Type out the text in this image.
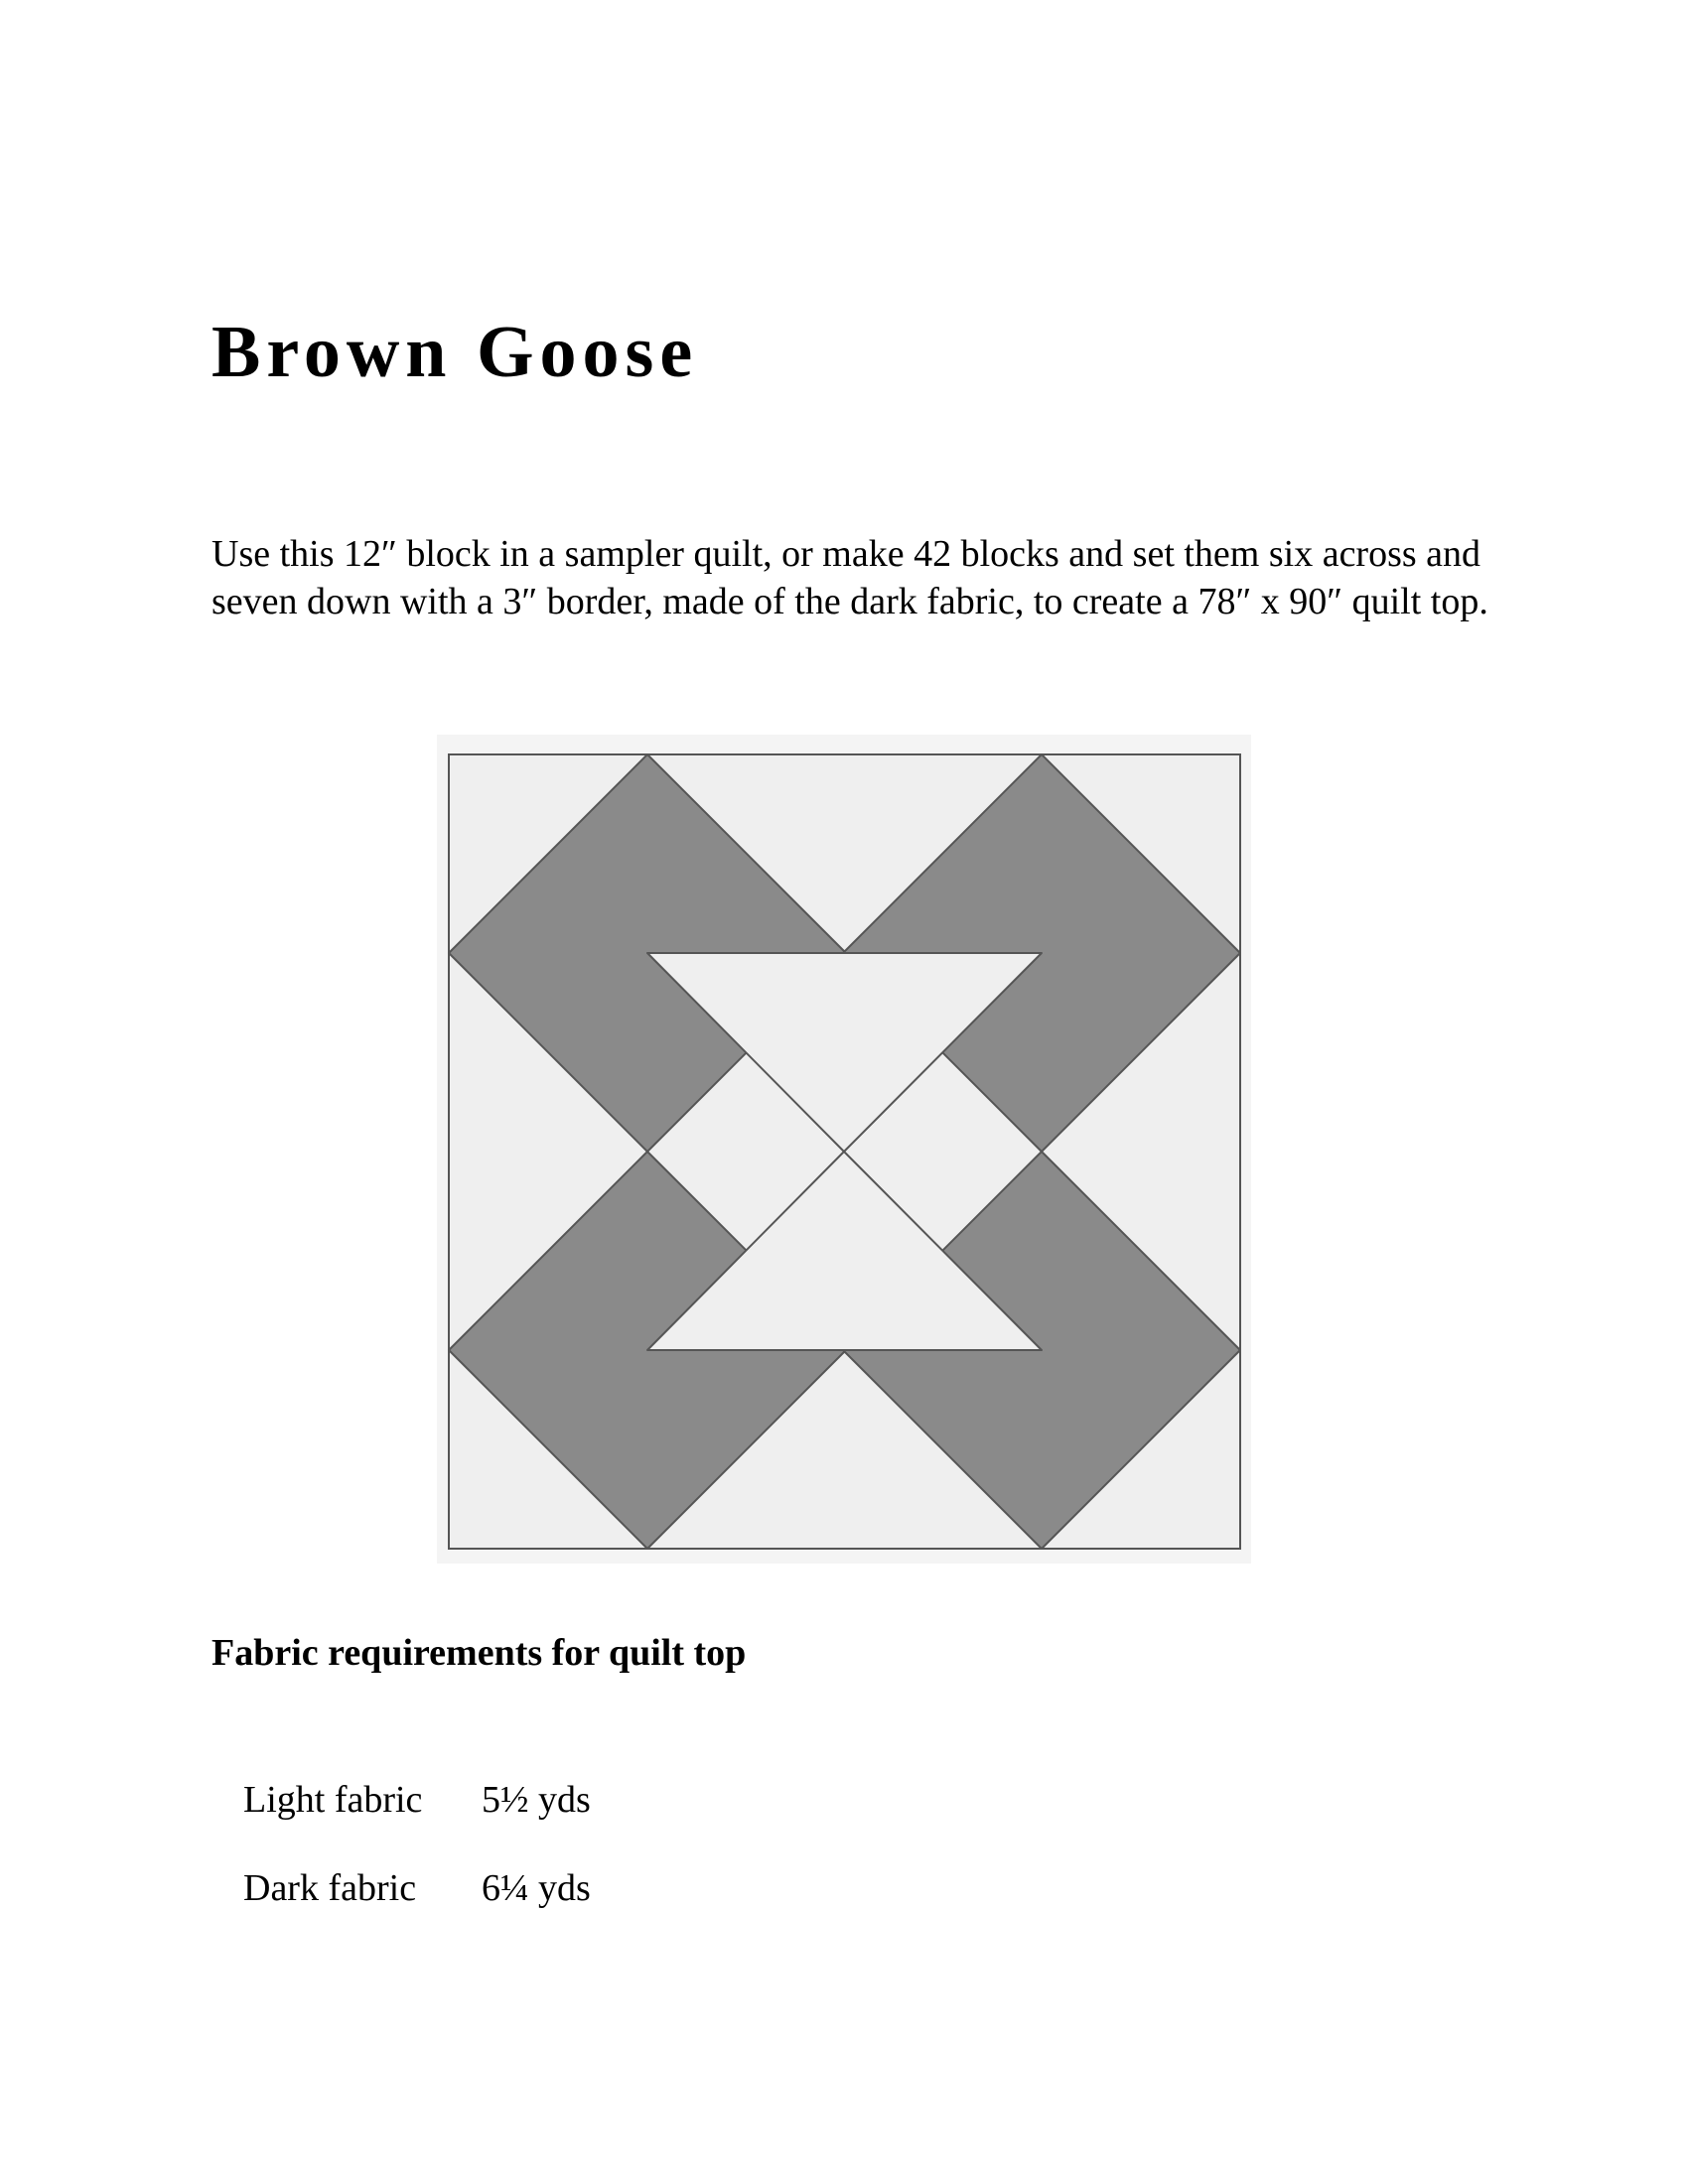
Brown Goose

Use this 12″ block in a sampler quilt, or make 42 blocks and set them six across and seven down with a 3″ border, made of the dark fabric, to create a 78″ x 90″ quilt top.

Fabric requirements for quilt top
Light fabric 5½ yds
Dark fabric 6¼ yds
